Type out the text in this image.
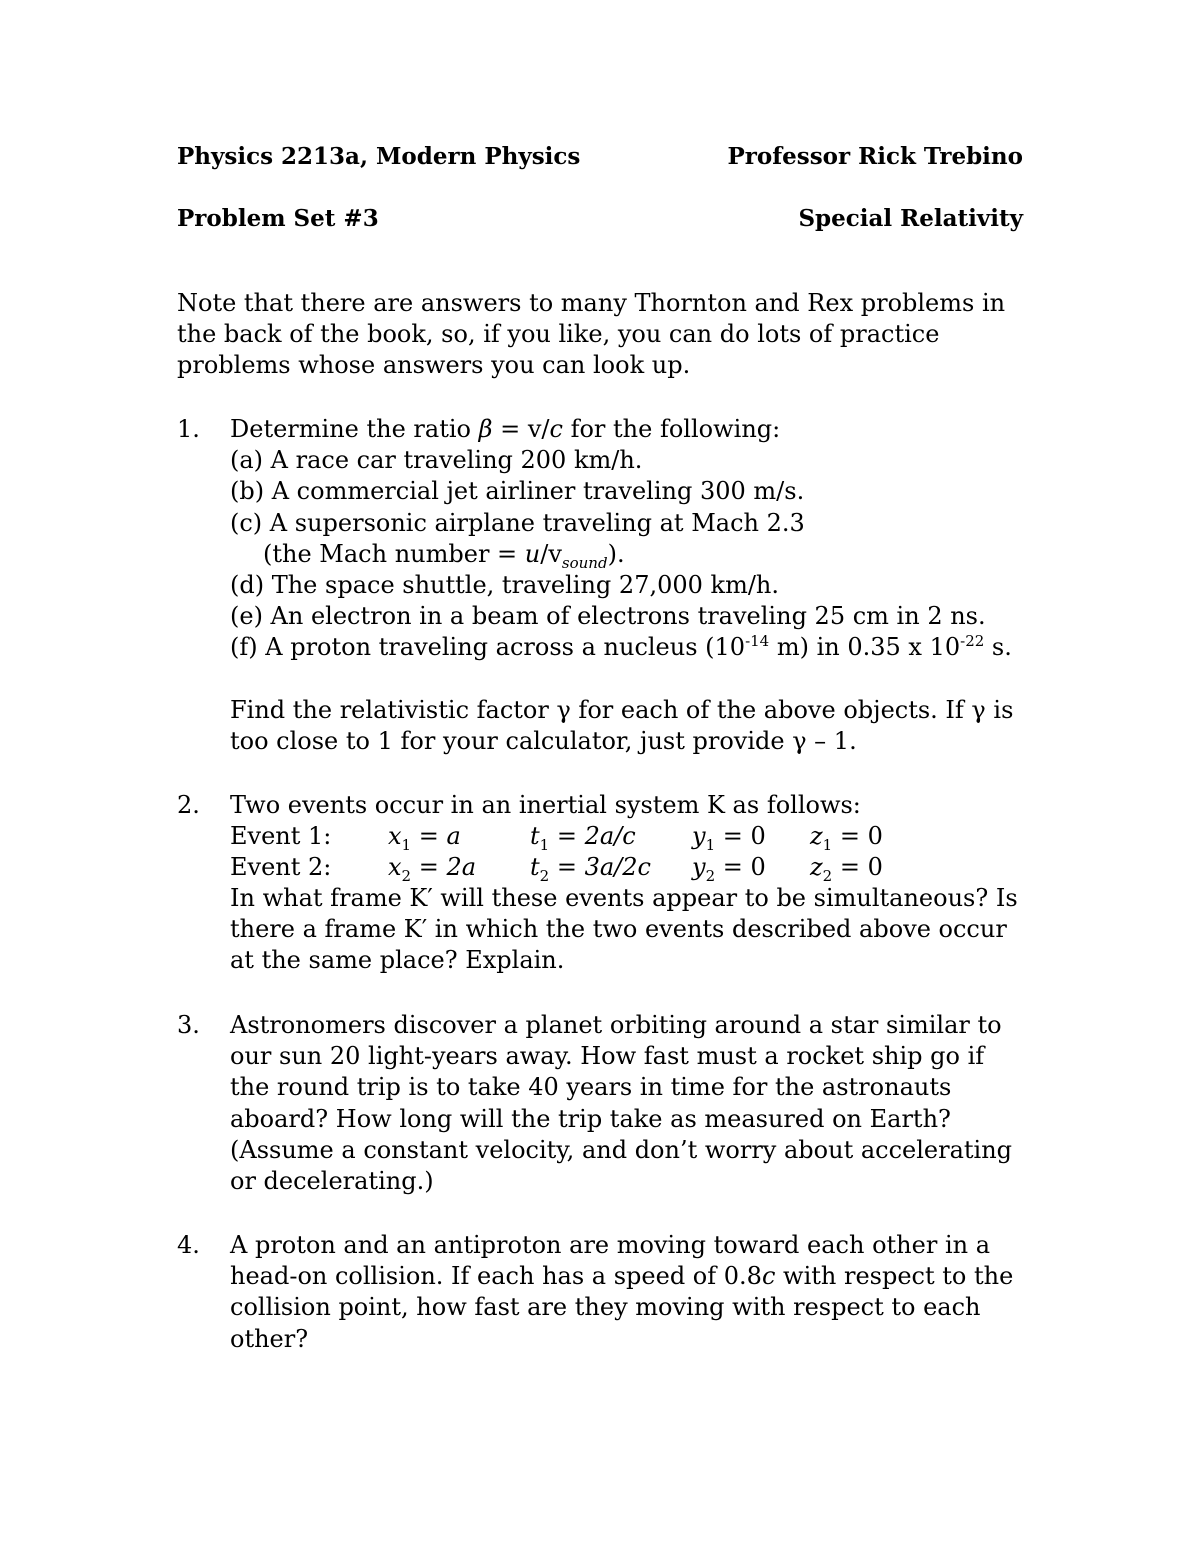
Physics 2213a, Modern Physics	Professor Rick Trebino
Problem Set #3	Special Relativity
Note that there are answers to many Thornton and Rex problems in
the back of the book, so, if you like, you can do lots of practice
problems whose answers you can look up.
1. Determine the ratio β = v/c for the following:
(a) A race car traveling 200 km/h.
(b) A commercial jet airliner traveling 300 m/s.
(c) A supersonic airplane traveling at Mach 2.3
(the Mach number = $u/v_{sound}$).
(d) The space shuttle, traveling 27,000 km/h.
(e) An electron in a beam of electrons traveling 25 cm in 2 ns.
(f) A proton traveling across a nucleus ($10^{-14}$ m) in 0.35 x $10^{-22}$ s.
Find the relativistic factor γ for each of the above objects. If γ is
too close to 1 for your calculator, just provide γ – 1.
2. Two events occur in an inertial system K as follows:
Event 1: $x_1 = a$	$t_1 = 2a/c$ $y_1 = 0$ $z_1 = 0$
Event 2: $x_2 = 2a$ $t_2 = 3a/2c$ $y_2 = 0$ $z_2 = 0$
In what frame K′ will these events appear to be simultaneous? Is
there a frame K′ in which the two events described above occur
at the same place? Explain.
3. Astronomers discover a planet orbiting around a star similar to
our sun 20 light-years away. How fast must a rocket ship go if
the round trip is to take 40 years in time for the astronauts
aboard? How long will the trip take as measured on Earth?
(Assume a constant velocity, and don’t worry about accelerating
or decelerating.)
4. A proton and an antiproton are moving toward each other in a
head-on collision. If each has a speed of 0.8c with respect to the
collision point, how fast are they moving with respect to each
other?
